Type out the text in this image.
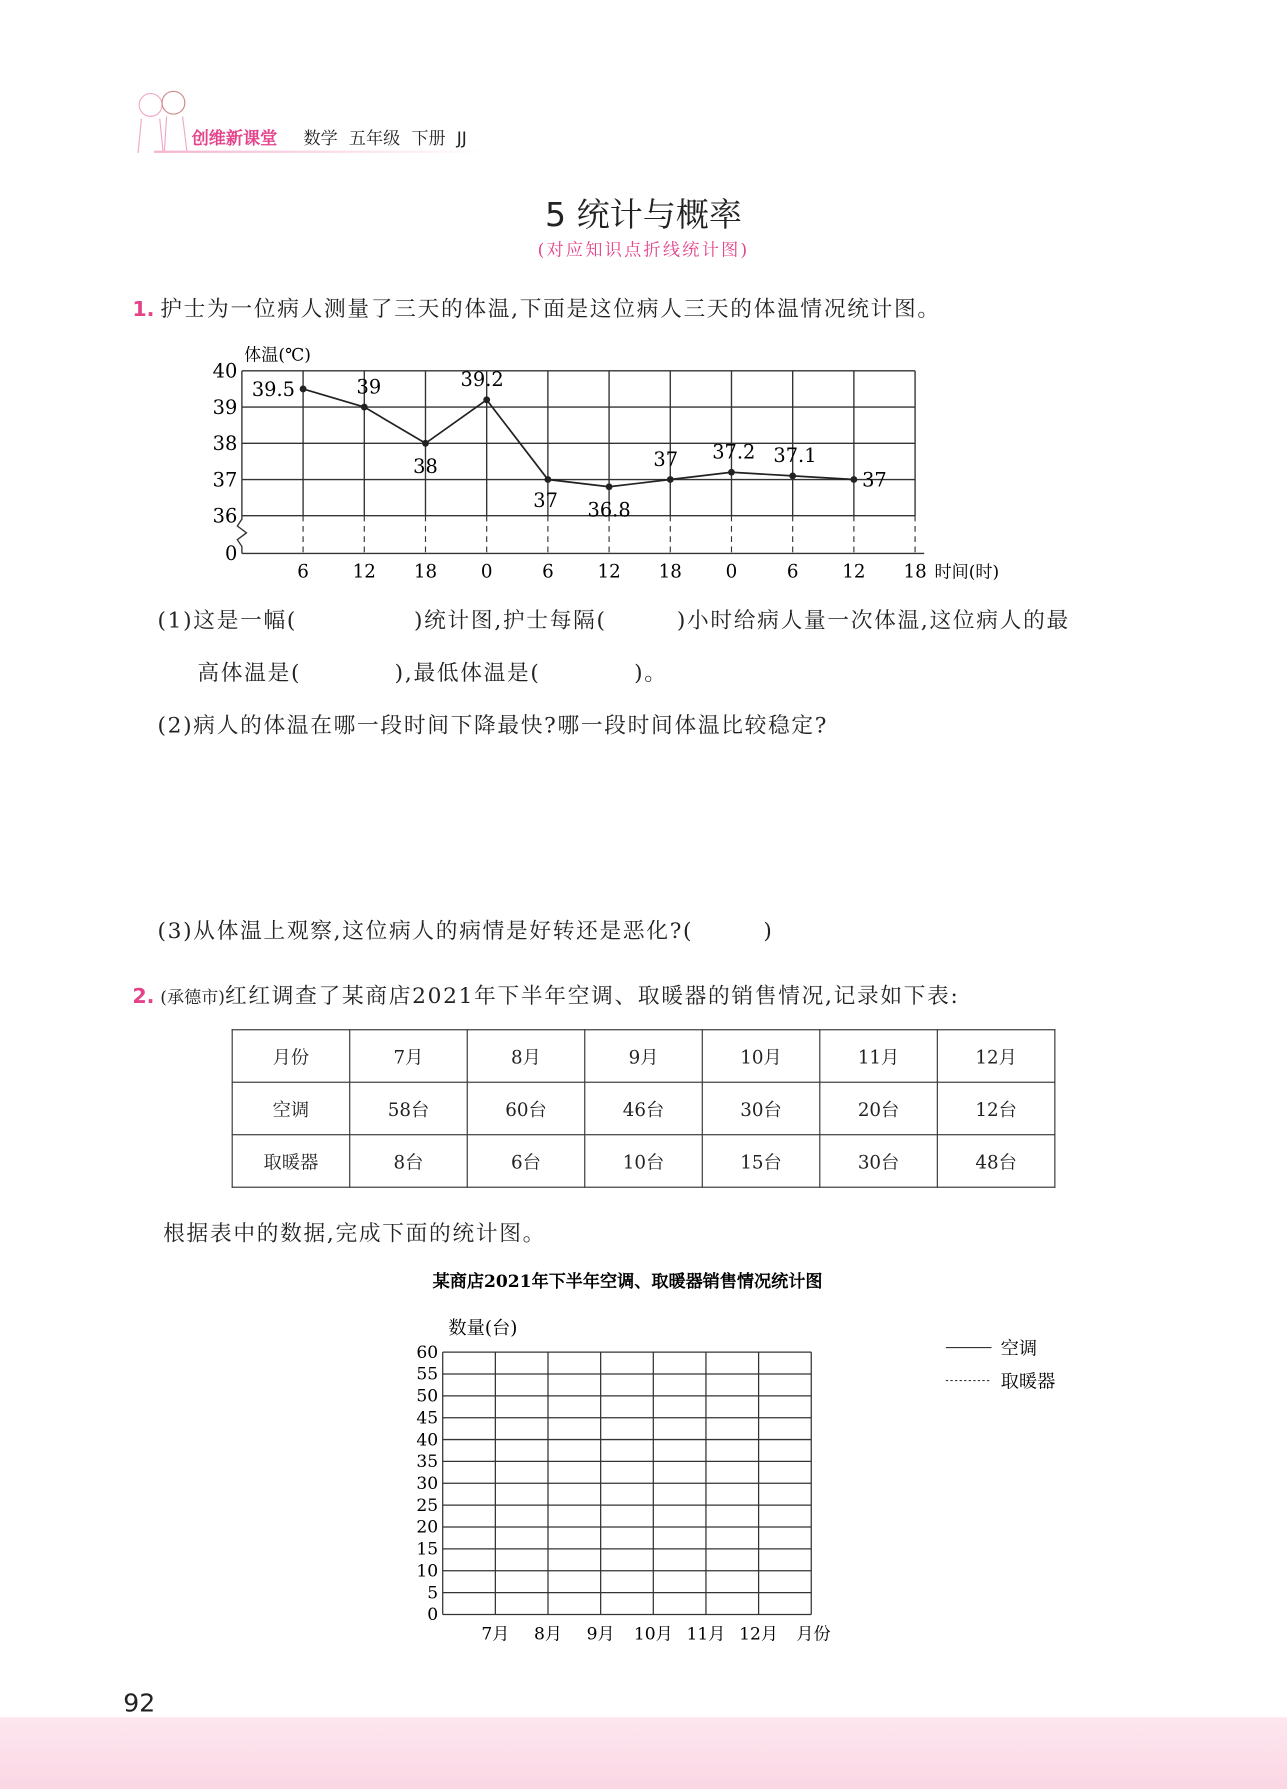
创维新课堂 数学 五年级 下册 JJ
5 统计与概率
(对应知识点折线统计图)
1. 护士为一位病人测量了三天的体温,下面是这位病人三天的体温情况统计图。
6	12 18	0	6	12 18	0	6	12 18 时间(时)
0
36
37
38
39
40
体温(℃)
39.5	39
38
39.2
37 36.8
37 37.2 37.1
37
(1)这是一幅(　　　　　)统计图,护士每隔(　　　)小时给病人量一次体温,这位病人的最
高体温是(　　　　),最低体温是(　　　　)。
(2)病人的体温在哪一段时间下降最快?哪一段时间体温比较稳定?
(3)从体温上观察,这位病人的病情是好转还是恶化?(　　　)
2. (承德市)红红调查了某商店2021年下半年空调、取暖器的销售情况,记录如下表:
月份	7月	8月	9月	10月	11月	12月
空调	58台	60台	46台	30台	20台	12台
取暖器	8台	6台	10台	15台	30台	48台
根据表中的数据,完成下面的统计图。
某商店2021年下半年空调、取暖器销售情况统计图
数量(台)
0
5
10
15
20
25
30
35
40
45
50
55
60
7月 8月 9月 10月 11月 12月 月份
空调
取暖器
92
